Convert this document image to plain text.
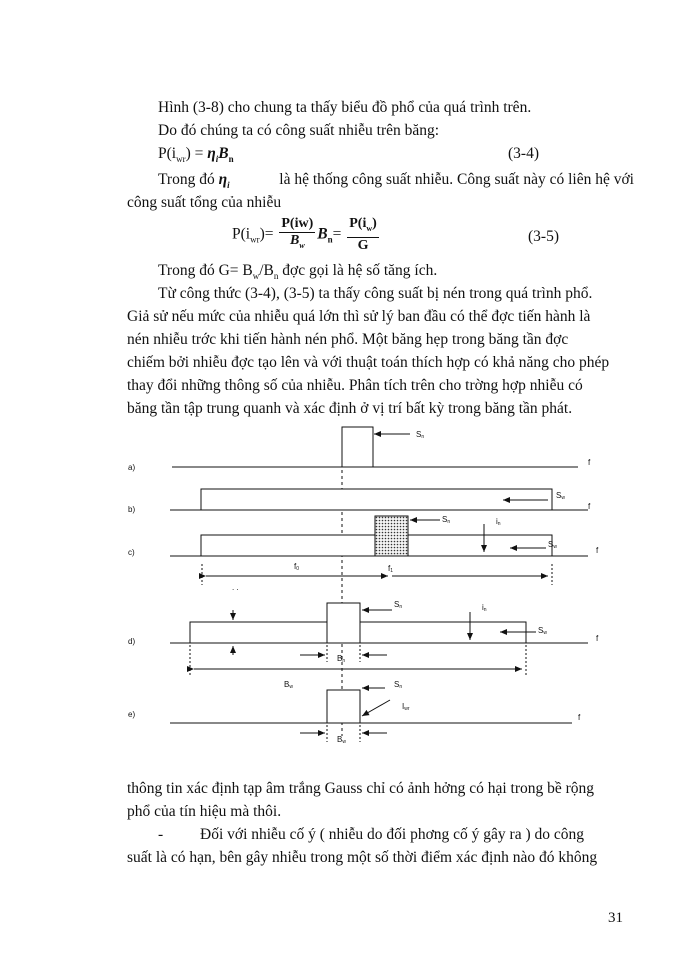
Hình (3-8) cho chung ta thấy biểu đồ phổ của quá trình trên.
Do đó chúng ta có công suất nhiễu trên băng:
$P(i_{wr}) = \eta_iB_n$	(3-4)
Trong đó $\eta_i$	là hệ thống công suất nhiễu. Công suất này có liên hệ với
công suất tổng của nhiễu
$P(i_{wr})= \frac{P(iw)}{B_w} B_n= \frac{P(i_w)}{G}$	(3-5)
Trong đó $G= B_w/B_n$ đợc gọi là hệ số tăng ích.
Từ công thức (3-4), (3-5) ta thấy công suất bị nén trong quá trình phổ.
Giả sử nếu mức của nhiễu quá lớn thì sử lý ban đầu có thể đợc tiến hành là
nén nhiễu trớc khi tiến hành nén phổ. Một băng hẹp trong băng tần đợc
chiếm bởi nhiễu đợc tạo lên và với thuật toán thích hợp có khả năng cho phép
thay đổi những thông số của nhiễu. Phân tích trên cho trờng hợp nhiễu có
băng tần tập trung quanh và xác định ở vị trí bất kỳ trong băng tần phát.
a)
b)
c)
d)
e)
f
f
f
f
f
Sn
Sw
Sn	in
Sw
f0	f1
. .
Sn	in
Sw
Bn
Bw	Sn
Iwr
Bw
thông tin xác định tạp âm trắng Gauss chỉ có ảnh hởng có hại trong bề rộng
phổ của tín hiệu mà thôi.
- Đối với nhiễu cố ý ( nhiễu do đối phơng cố ý gây ra ) do công
suất là có hạn, bên gây nhiễu trong một số thời điểm xác định nào đó không
31
